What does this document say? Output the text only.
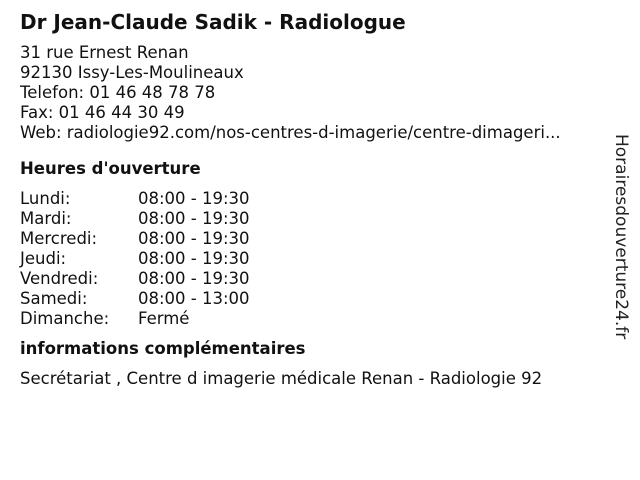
Dr Jean-Claude Sadik - Radiologue
31 rue Ernest Renan
92130 Issy-Les-Moulineaux
Telefon: 01 46 48 78 78
Fax: 01 46 44 30 49
Web: radiologie92.com/nos-centres-d-imagerie/centre-dimageri...
Heures d'ouverture
Lundi:	08:00 - 19:30
Mardi:	08:00 - 19:30
Mercredi:	08:00 - 19:30
Jeudi:	08:00 - 19:30
Vendredi:	08:00 - 19:30
Samedi:	08:00 - 13:00
Dimanche:	Fermé
informations complémentaires
Secrétariat , Centre d imagerie médicale Renan - Radiologie 92
Horairesdouverture24.fr
